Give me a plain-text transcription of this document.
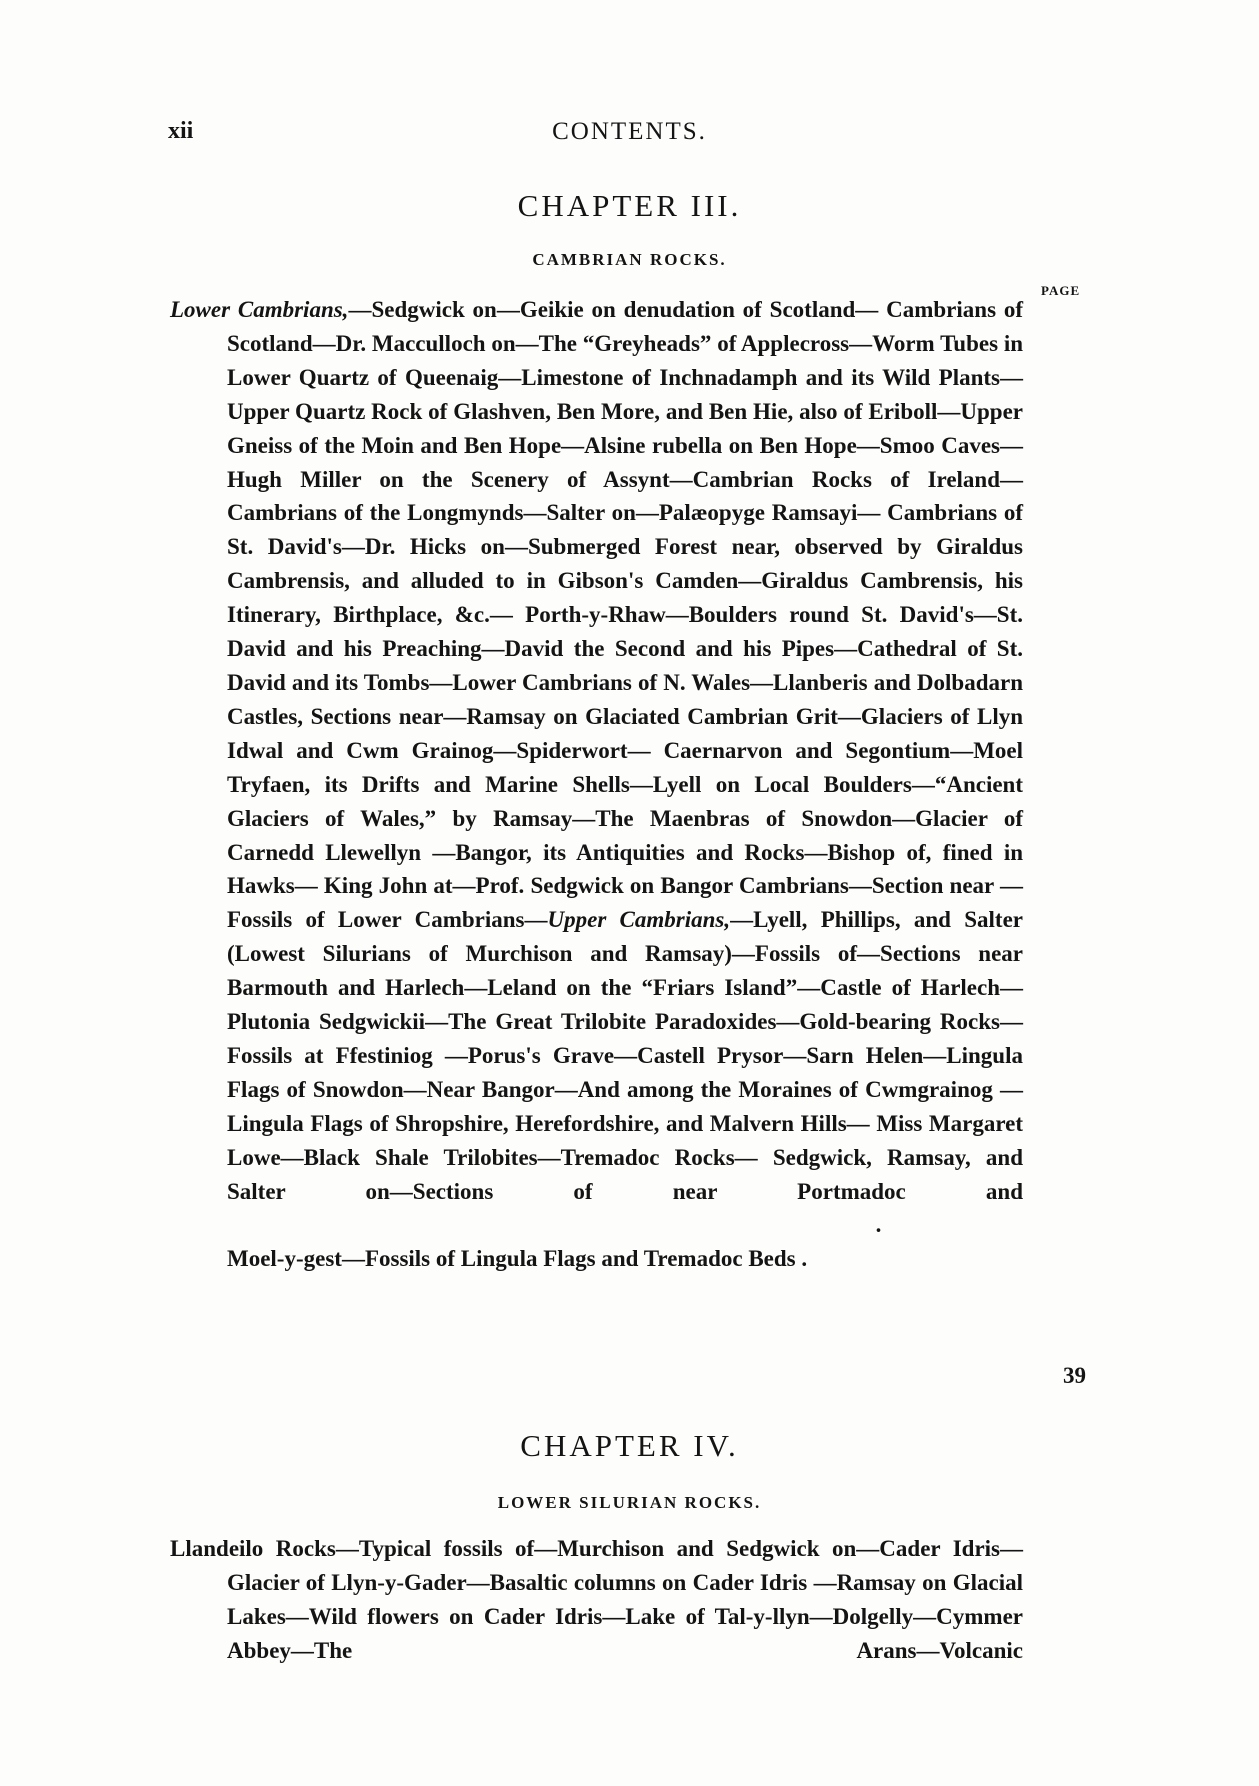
xii	CONTENTS.
CHAPTER III.
CAMBRIAN ROCKS.
PAGE

Lower Cambrians,—Sedgwick on—Geikie on denudation of Scotland— Cambrians of Scotland—Dr. Macculloch on—The “Greyheads” of Applecross—Worm Tubes in Lower Quartz of Queenaig—Limestone of Inchnadamph and its Wild Plants—Upper Quartz Rock of Glashven, Ben More, and Ben Hie, also of Eriboll—Upper Gneiss of the Moin and Ben Hope—Alsine rubella on Ben Hope—Smoo Caves—Hugh Miller on the Scenery of Assynt—Cambrian Rocks of Ireland— Cambrians of the Longmynds—Salter on—Palæopyge Ramsayi— Cambrians of St. David's—Dr. Hicks on—Submerged Forest near, observed by Giraldus Cambrensis, and alluded to in Gibson's Camden—Giraldus Cambrensis, his Itinerary, Birthplace, &c.— Porth-y-Rhaw—Boulders round St. David's—St. David and his Preaching—David the Second and his Pipes—Cathedral of St. David and its Tombs—Lower Cambrians of N. Wales—Llanberis and Dolbadarn Castles, Sections near—Ramsay on Glaciated Cambrian Grit—Glaciers of Llyn Idwal and Cwm Grainog—Spiderwort— Caernarvon and Segontium—Moel Tryfaen, its Drifts and Marine Shells—Lyell on Local Boulders—“Ancient Glaciers of Wales,” by Ramsay—The Maenbras of Snowdon—Glacier of Carnedd Llewellyn —Bangor, its Antiquities and Rocks—Bishop of, fined in Hawks— King John at—Prof. Sedgwick on Bangor Cambrians—Section near —Fossils of Lower Cambrians—Upper Cambrians,—Lyell, Phillips, and Salter (Lowest Silurians of Murchison and Ramsay)—Fossils of—Sections near Barmouth and Harlech—Leland on the “Friars Island”—Castle of Harlech—Plutonia Sedgwickii—The Great Trilobite Paradoxides—Gold-bearing Rocks—Fossils at Ffestiniog —Porus's Grave—Castell Prysor—Sarn Helen—Lingula Flags of Snowdon—Near Bangor—And among the Moraines of Cwmgrainog —Lingula Flags of Shropshire, Herefordshire, and Malvern Hills— Miss Margaret Lowe—Black Shale Trilobites—Tremadoc Rocks— Sedgwick, Ramsay, and Salter on—Sections of near Portmadoc and
Moel-y-gest—Fossils of Lingula Flags and Tremadoc Beds . .

39
CHAPTER IV.
LOWER SILURIAN ROCKS.

Llandeilo Rocks—Typical fossils of—Murchison and Sedgwick on—Cader Idris—Glacier of Llyn-y-Gader—Basaltic columns on Cader Idris —Ramsay on Glacial Lakes—Wild flowers on Cader Idris—Lake of Tal-y-llyn—Dolgelly—Cymmer Abbey—The Arans—Volcanic
